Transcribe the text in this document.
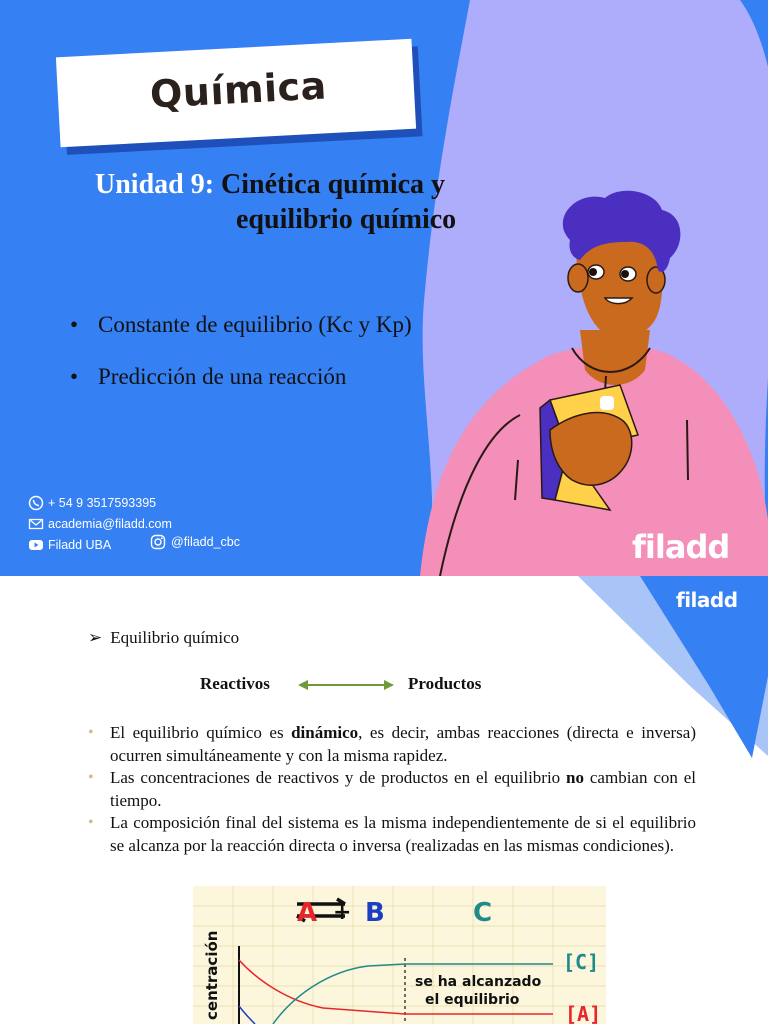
Química
Unidad 9: Cinética química y
equilibrio químico
• Constante de equilibrio (Kc y Kp)
• Predicción de una reacción
+ 54 9 3517593395
academia@filadd.com
Filadd UBA	@filadd_cbc	filadd
filadd
➢ Equilibrio químico
Reactivos	Productos
• El equilibrio químico es dinámico, es decir, ambas reacciones (directa e inversa) ocurren simultáneamente y con la misma rapidez.
• Las concentraciones de reactivos y de productos en el equilibrio no cambian con el tiempo.
• La composición final del sistema es la misma independientemente de si el equilibrio se alcanza por la reacción directa o inversa (realizadas en las mismas condiciones).
A + B	C
centración	[C]
[A]
se ha alcanzado
el equilibrio
